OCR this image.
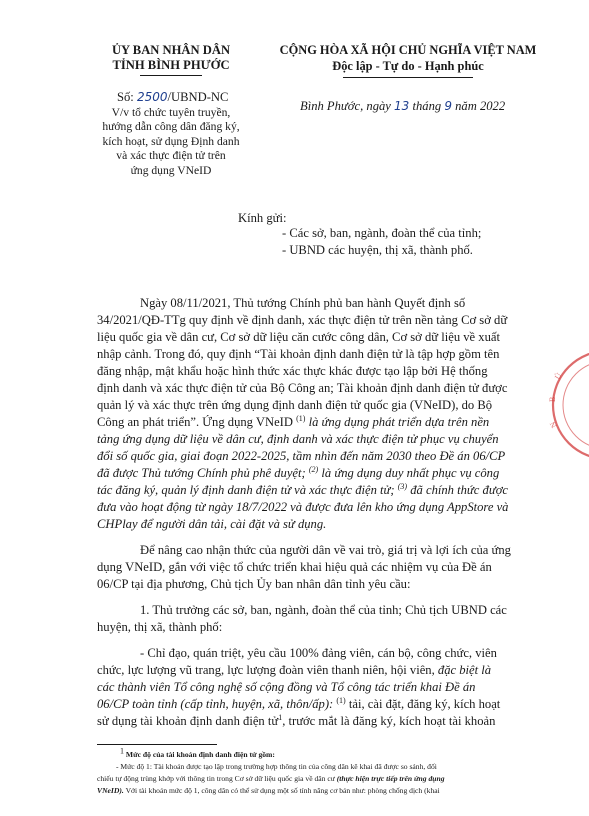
ỦY BAN NHÂN DÂN
TỈNH BÌNH PHƯỚC
Số: 2500/UBND-NC
V/v tổ chức tuyên truyền,
hướng dẫn công dân đăng ký,
kích hoạt, sử dụng Định danh
và xác thực điện tử trên
ứng dụng VNeID
CỘNG HÒA XÃ HỘI CHỦ NGHĨA VIỆT NAM
Độc lập - Tự do - Hạnh phúc
Bình Phước, ngày 13 tháng 9 năm 2022
Kính gửi:
- Các sở, ban, ngành, đoàn thể của tỉnh;
- UBND các huyện, thị xã, thành phố.
Ngày 08/11/2021, Thủ tướng Chính phủ ban hành Quyết định số
34/2021/QĐ-TTg quy định về định danh, xác thực điện tử trên nền tảng Cơ sở dữ
liệu quốc gia về dân cư, Cơ sở dữ liệu căn cước công dân, Cơ sở dữ liệu về xuất
nhập cảnh. Trong đó, quy định “Tài khoản định danh điện tử là tập hợp gồm tên
đăng nhập, mật khẩu hoặc hình thức xác thực khác được tạo lập bởi Hệ thống
định danh và xác thực điện tử của Bộ Công an; Tài khoản định danh điện tử được
quản lý và xác thực trên ứng dụng định danh điện tử quốc gia (VNeID), do Bộ
Công an phát triển”. Ứng dụng VNeID $^{(1)}$ là ứng dụng phát triển dựa trên nền
tảng ứng dụng dữ liệu về dân cư, định danh và xác thực điện tử phục vụ chuyển
đổi số quốc gia, giai đoạn 2022-2025, tầm nhìn đến năm 2030 theo Đề án 06/CP
đã được Thủ tướng Chính phủ phê duyệt; $^{(2)}$ là ứng dụng duy nhất phục vụ công
tác đăng ký, quản lý định danh điện tử và xác thực điện tử; $^{(3)}$ đã chính thức được
đưa vào hoạt động từ ngày 18/7/2022 và được đưa lên kho ứng dụng AppStore và
CHPlay để người dân tải, cài đặt và sử dụng.
Để nâng cao nhận thức của người dân về vai trò, giá trị và lợi ích của ứng
dụng VNeID, gắn với việc tổ chức triển khai hiệu quả các nhiệm vụ của Đề án
06/CP tại địa phương, Chủ tịch Ủy ban nhân dân tỉnh yêu cầu:
1. Thủ trưởng các sở, ban, ngành, đoàn thể của tỉnh; Chủ tịch UBND các
huyện, thị xã, thành phố:
- Chỉ đạo, quán triệt, yêu cầu 100% đảng viên, cán bộ, công chức, viên
chức, lực lượng vũ trang, lực lượng đoàn viên thanh niên, hội viên, đặc biệt là
các thành viên Tổ công nghệ số cộng đồng và Tổ công tác triển khai Đề án
06/CP toàn tỉnh (cấp tỉnh, huyện, xã, thôn/ấp): $^{(1)}$ tải, cài đặt, đăng ký, kích hoạt
sử dụng tài khoản định danh điện tử$^1$, trước mắt là đăng ký, kích hoạt tài khoản
$^1$ Mức độ của tài khoản định danh điện tử gồm:
- Mức độ 1: Tài khoản được tạo lập trong trường hợp thông tin của công dân kê khai đã được so sánh, đối
chiếu tự động trùng khớp với thông tin trong Cơ sở dữ liệu quốc gia về dân cư (thực hiện trực tiếp trên ứng dụng
VNeID). Với tài khoản mức độ 1, công dân có thể sử dụng một số tính năng cơ bản như: phòng chống dịch (khai
Ủ
B
N
